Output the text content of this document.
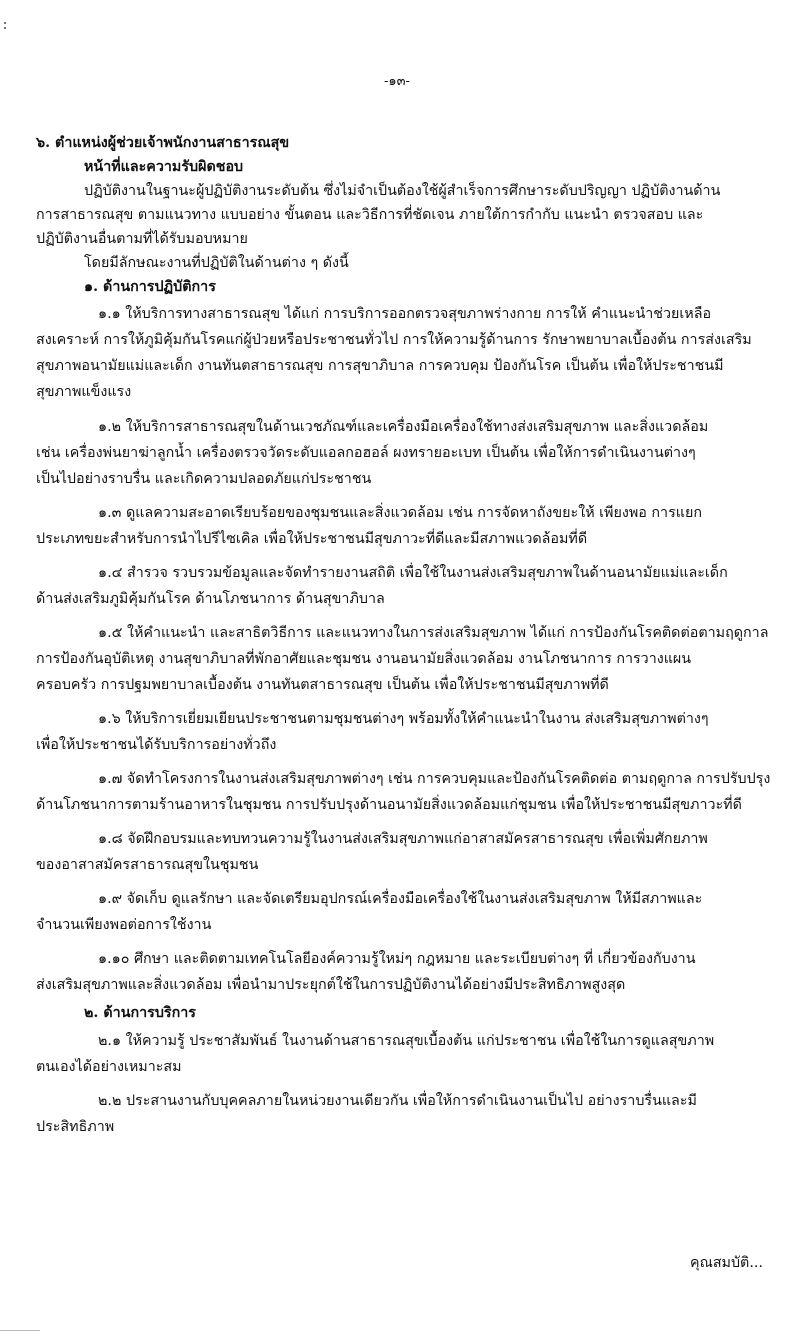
-๑๓-
๖. ตำแหน่งผู้ช่วยเจ้าพนักงานสาธารณสุข
หน้าที่และความรับผิดชอบ
ปฏิบัติงานในฐานะผู้ปฏิบัติงานระดับต้น ซึ่งไม่จำเป็นต้องใช้ผู้สำเร็จการศึกษาระดับปริญญา ปฏิบัติงานด้าน
การสาธารณสุข ตามแนวทาง แบบอย่าง ขั้นตอน และวิธีการที่ชัดเจน ภายใต้การกำกับ แนะนำ ตรวจสอบ และ
ปฏิบัติงานอื่นตามที่ได้รับมอบหมาย
โดยมีลักษณะงานที่ปฏิบัติในด้านต่าง ๆ ดังนี้
๑. ด้านการปฏิบัติการ
๑.๑ ให้บริการทางสาธารณสุข ได้แก่ การบริการออกตรวจสุขภาพร่างกาย การให้ คำแนะนำช่วยเหลือ
สงเคราะห์ การให้ภูมิคุ้มกันโรคแก่ผู้ป่วยหรือประชาชนทั่วไป การให้ความรู้ด้านการ รักษาพยาบาลเบื้องต้น การส่งเสริม
สุขภาพอนามัยแม่และเด็ก งานทันตสาธารณสุข การสุขาภิบาล การควบคุม ป้องกันโรค เป็นต้น เพื่อให้ประชาชนมี
สุขภาพแข็งแรง
๑.๒ ให้บริการสาธารณสุขในด้านเวชภัณฑ์และเครื่องมือเครื่องใช้ทางส่งเสริมสุขภาพ และสิ่งแวดล้อม
เช่น เครื่องพ่นยาฆ่าลูกน้ำ เครื่องตรวจวัดระดับแอลกอฮอล์ ผงทรายอะเบท เป็นต้น เพื่อให้การดำเนินงานต่างๆ
เป็นไปอย่างราบรื่น และเกิดความปลอดภัยแก่ประชาชน
๑.๓ ดูแลความสะอาดเรียบร้อยของชุมชนและสิ่งแวดล้อม เช่น การจัดหาถังขยะให้ เพียงพอ การแยก
ประเภทขยะสำหรับการนำไปรีไซเคิล เพื่อให้ประชาชนมีสุขภาวะที่ดีและมีสภาพแวดล้อมที่ดี
๑.๔ สำรวจ รวบรวมข้อมูลและจัดทำรายงานสถิติ เพื่อใช้ในงานส่งเสริมสุขภาพในด้านอนามัยแม่และเด็ก
ด้านส่งเสริมภูมิคุ้มกันโรค ด้านโภชนาการ ด้านสุขาภิบาล
๑.๕ ให้คำแนะนำ และสาธิตวิธีการ และแนวทางในการส่งเสริมสุขภาพ ได้แก่ การป้องกันโรคติดต่อตามฤดูกาล
การป้องกันอุบัติเหตุ งานสุขาภิบาลที่พักอาศัยและชุมชน งานอนามัยสิ่งแวดล้อม งานโภชนาการ การวางแผน
ครอบครัว การปฐมพยาบาลเบื้องต้น งานทันตสาธารณสุข เป็นต้น เพื่อให้ประชาชนมีสุขภาพที่ดี
๑.๖ ให้บริการเยี่ยมเยียนประชาชนตามชุมชนต่างๆ พร้อมทั้งให้คำแนะนำในงาน ส่งเสริมสุขภาพต่างๆ
เพื่อให้ประชาชนได้รับบริการอย่างทั่วถึง
๑.๗ จัดทำโครงการในงานส่งเสริมสุขภาพต่างๆ เช่น การควบคุมและป้องกันโรคติดต่อ ตามฤดูกาล การปรับปรุง
ด้านโภชนาการตามร้านอาหารในชุมชน การปรับปรุงด้านอนามัยสิ่งแวดล้อมแก่ชุมชน เพื่อให้ประชาชนมีสุขภาวะที่ดี
๑.๘ จัดฝึกอบรมและทบทวนความรู้ในงานส่งเสริมสุขภาพแก่อาสาสมัครสาธารณสุข เพื่อเพิ่มศักยภาพ
ของอาสาสมัครสาธารณสุขในชุมชน
๑.๙ จัดเก็บ ดูแลรักษา และจัดเตรียมอุปกรณ์เครื่องมือเครื่องใช้ในงานส่งเสริมสุขภาพ ให้มีสภาพและ
จำนวนเพียงพอต่อการใช้งาน
๑.๑๐ ศึกษา และติดตามเทคโนโลยีองค์ความรู้ใหม่ๆ กฎหมาย และระเบียบต่างๆ ที่ เกี่ยวข้องกับงาน
ส่งเสริมสุขภาพและสิ่งแวดล้อม เพื่อนำมาประยุกต์ใช้ในการปฏิบัติงานได้อย่างมีประสิทธิภาพสูงสุด
๒. ด้านการบริการ
๒.๑ ให้ความรู้ ประชาสัมพันธ์ ในงานด้านสาธารณสุขเบื้องต้น แก่ประชาชน เพื่อใช้ในการดูแลสุขภาพ
ตนเองได้อย่างเหมาะสม
๒.๒ ประสานงานกับบุคคลภายในหน่วยงานเดียวกัน เพื่อให้การดำเนินงานเป็นไป อย่างราบรื่นและมี
ประสิทธิภาพ
คุณสมบัติ...
